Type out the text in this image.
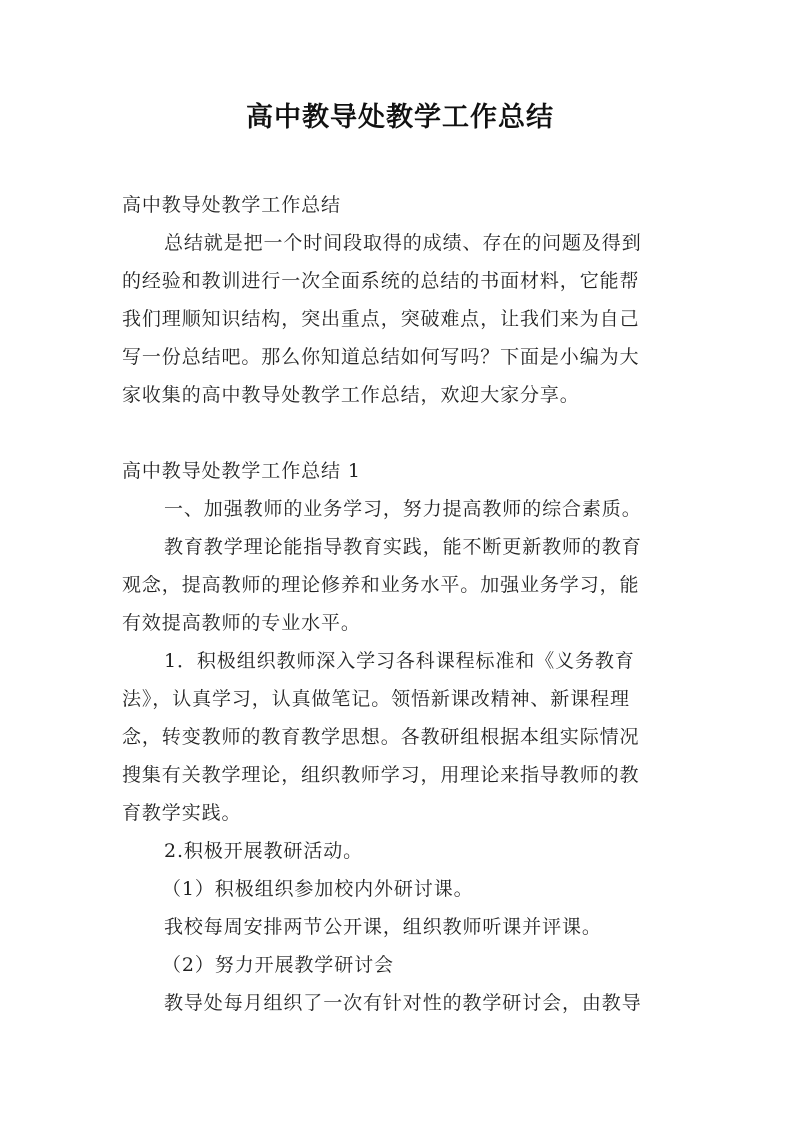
高中教导处教学工作总结
高中教导处教学工作总结
总结就是把一个时间段取得的成绩、存在的问题及得到
的经验和教训进行一次全面系统的总结的书面材料，它能帮
我们理顺知识结构，突出重点，突破难点，让我们来为自己
写一份总结吧。那么你知道总结如何写吗？下面是小编为大
家收集的高中教导处教学工作总结，欢迎大家分享。
高中教导处教学工作总结 1
一、加强教师的业务学习，努力提高教师的综合素质。
教育教学理论能指导教育实践，能不断更新教师的教育
观念，提高教师的理论修养和业务水平。加强业务学习，能
有效提高教师的专业水平。
1．积极组织教师深入学习各科课程标准和《义务教育
法》，认真学习，认真做笔记。领悟新课改精神、新课程理
念，转变教师的教育教学思想。各教研组根据本组实际情况
搜集有关教学理论，组织教师学习，用理论来指导教师的教
育教学实践。
2.积极开展教研活动。
（1）积极组织参加校内外研讨课。
我校每周安排两节公开课，组织教师听课并评课。
（2）努力开展教学研讨会
教导处每月组织了一次有针对性的教学研讨会，由教导
